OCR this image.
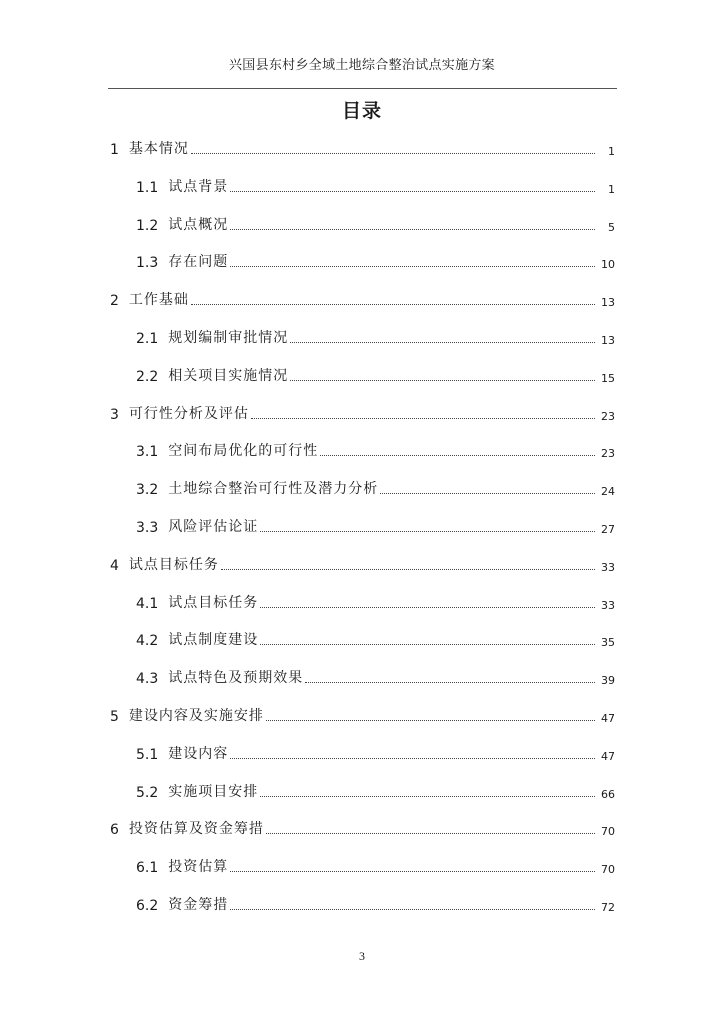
兴国县东村乡全域土地综合整治试点实施方案
目录
1 基本情况	1
1.1 试点背景	1
1.2 试点概况	5
1.3 存在问题	10
2 工作基础	13
2.1 规划编制审批情况	13
2.2 相关项目实施情况	15
3 可行性分析及评估	23
3.1 空间布局优化的可行性	23
3.2 土地综合整治可行性及潜力分析	24
3.3 风险评估论证	27
4 试点目标任务	33
4.1 试点目标任务	33
4.2 试点制度建设	35
4.3 试点特色及预期效果	39
5 建设内容及实施安排	47
5.1 建设内容	47
5.2 实施项目安排	66
6 投资估算及资金筹措	70
6.1 投资估算	70
6.2 资金筹措	72
3
